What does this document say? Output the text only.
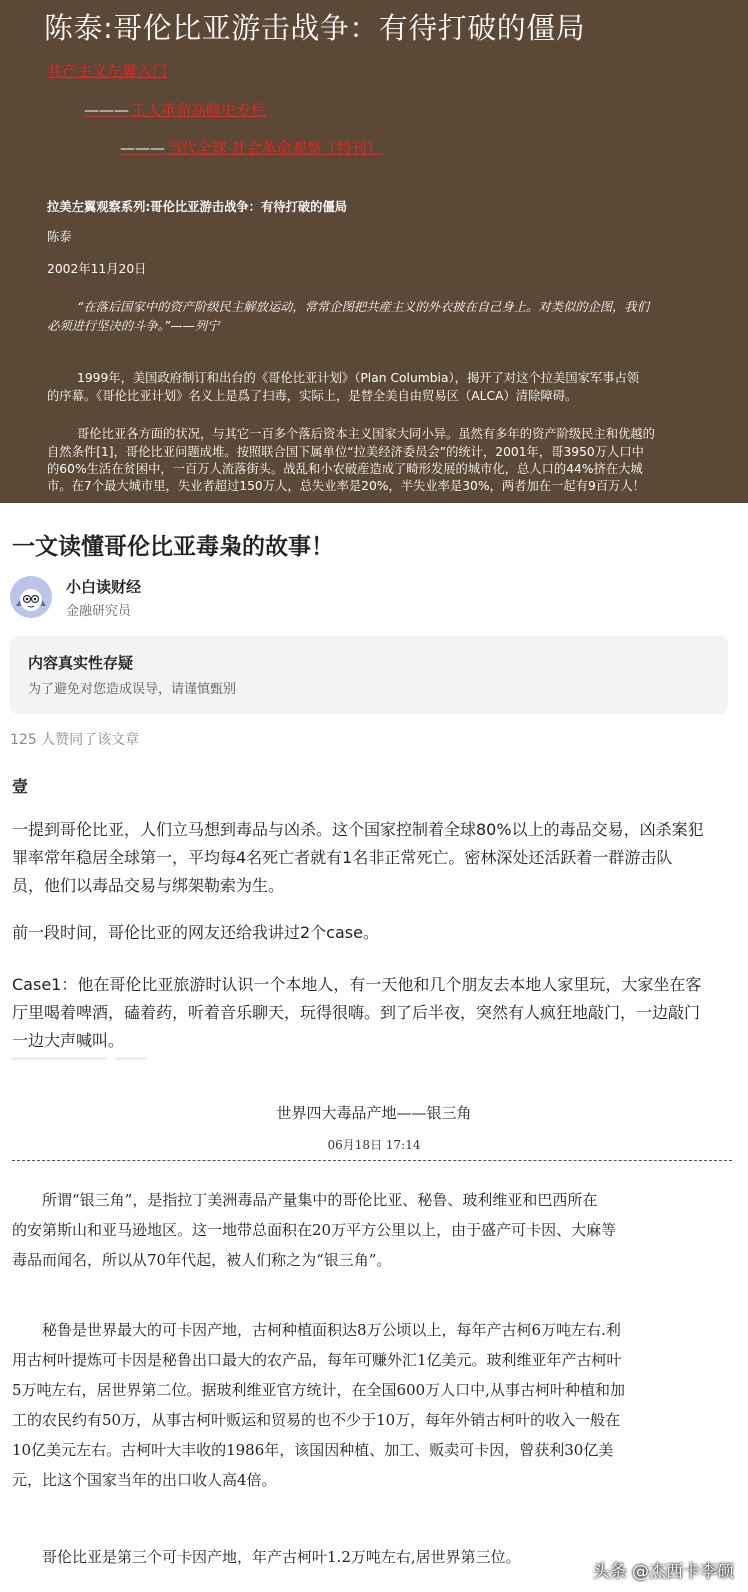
陈泰:哥伦比亚游击战争：有待打破的僵局
共产主义左翼入门
——— 工人革命高峰史专栏
——— 当代全球·社会革命观察（特刊）
拉美左翼观察系列:哥伦比亚游击战争：有待打破的僵局
陈泰
2002年11月20日
“在落后国家中的资产阶级民主解放运动，常常企图把共産主义的外衣披在自己身上。对类似的企图，我们
必须进行坚决的斗争。”——列宁
1999年，美国政府制订和出台的《哥伦比亚计划》（Plan Columbia），揭开了对这个拉美国家军事占领
的序幕。《哥伦比亚计划》名义上是爲了扫毒，实际上，是替全美自由贸易区（ALCA）清除障碍。
哥伦比亚各方面的状况，与其它一百多个落后资本主义国家大同小异。虽然有多年的资产阶级民主和优越的
自然条件[1]，哥伦比亚问题成堆。按照联合国下属单位“拉美经济委员会”的统计，2001年，哥3950万人口中
的60%生活在贫困中，一百万人流落街头。战乱和小农破産造成了畸形发展的城市化，总人口的44%挤在大城
市。在7个最大城市里，失业者超过150万人，总失业率是20%，半失业率是30%，两者加在一起有9百万人！
一文读懂哥伦比亚毒枭的故事！
小白读财经
金融研究员
内容真实性存疑
为了避免对您造成误导，请谨慎甄别
125 人赞同了该文章
壹
一提到哥伦比亚，人们立马想到毒品与凶杀。这个国家控制着全球80%以上的毒品交易，凶杀案犯
罪率常年稳居全球第一，平均每4名死亡者就有1名非正常死亡。密林深处还活跃着一群游击队
员，他们以毒品交易与绑架勒索为生。
前一段时间，哥伦比亚的网友还给我讲过2个case。
Case1：他在哥伦比亚旅游时认识一个本地人，有一天他和几个朋友去本地人家里玩，大家坐在客
厅里喝着啤酒，磕着药，听着音乐聊天，玩得很嗨。到了后半夜，突然有人疯狂地敲门，一边敲门
一边大声喊叫。
世界四大毒品产地——银三角
06月18日 17:14
　　所谓“银三角”，是指拉丁美洲毒品产量集中的哥伦比亚、秘鲁、玻利维亚和巴西所在
的安第斯山和亚马逊地区。这一地带总面积在20万平方公里以上，由于盛产可卡因、大麻等
毒品而闻名，所以从70年代起，被人们称之为“银三角”。
　　秘鲁是世界最大的可卡因产地，古柯种植面积达8万公顷以上，每年产古柯6万吨左右.利
用古柯叶提炼可卡因是秘鲁出口最大的农产品，每年可赚外汇1亿美元。玻利维亚年产古柯叶
5万吨左右，居世界第二位。据玻利维亚官方统计，在全国600万人口中,从事古柯叶种植和加
工的农民约有50万，从事古柯叶贩运和贸易的也不少于10万，每年外销古柯叶的收入一般在
10亿美元左右。古柯叶大丰收的1986年，该国因种植、加工、贩卖可卡因，曾获利30亿美
元，比这个国家当年的出口收人高4倍。
　　哥伦比亚是第三个可卡因产地，年产古柯叶1.2万吨左右,居世界第三位。
头条 @杰西卡李硕
